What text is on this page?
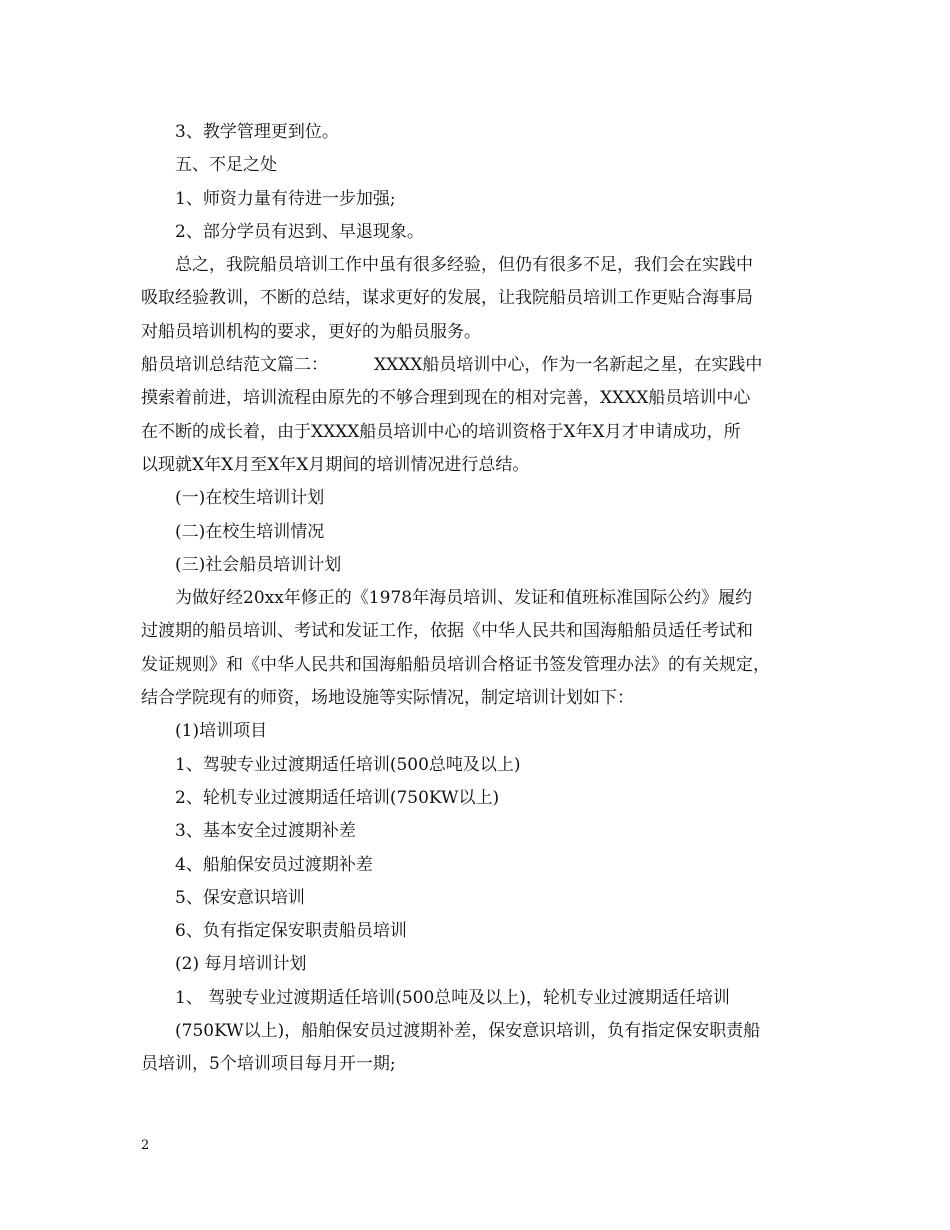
3、教学管理更到位。
五、不足之处
1、师资力量有待进一步加强;
2、部分学员有迟到、早退现象。
总之，我院船员培训工作中虽有很多经验，但仍有很多不足，我们会在实践中
吸取经验教训，不断的总结，谋求更好的发展，让我院船员培训工作更贴合海事局
对船员培训机构的要求，更好的为船员服务。
船员培训总结范文篇二：	XXXX船员培训中心，作为一名新起之星，在实践中
摸索着前进，培训流程由原先的不够合理到现在的相对完善，XXXX船员培训中心
在不断的成长着，由于XXXX船员培训中心的培训资格于X年X月才申请成功，所
以现就X年X月至X年X月期间的培训情况进行总结。
(一)在校生培训计划
(二)在校生培训情况
(三)社会船员培训计划
为做好经20xx年修正的《1978年海员培训、发证和值班标准国际公约》履约
过渡期的船员培训、考试和发证工作，依据《中华人民共和国海船船员适任考试和
发证规则》和《中华人民共和国海船船员培训合格证书签发管理办法》的有关规定，
结合学院现有的师资，场地设施等实际情况，制定培训计划如下：
(1)培训项目
1、驾驶专业过渡期适任培训(500总吨及以上)
2、轮机专业过渡期适任培训(750KW以上)
3、基本安全过渡期补差
4、船舶保安员过渡期补差
5、保安意识培训
6、负有指定保安职责船员培训
(2) 每月培训计划
1、 驾驶专业过渡期适任培训(500总吨及以上)，轮机专业过渡期适任培训
(750KW以上)，船舶保安员过渡期补差，保安意识培训，负有指定保安职责船
员培训，5个培训项目每月开一期;
2
